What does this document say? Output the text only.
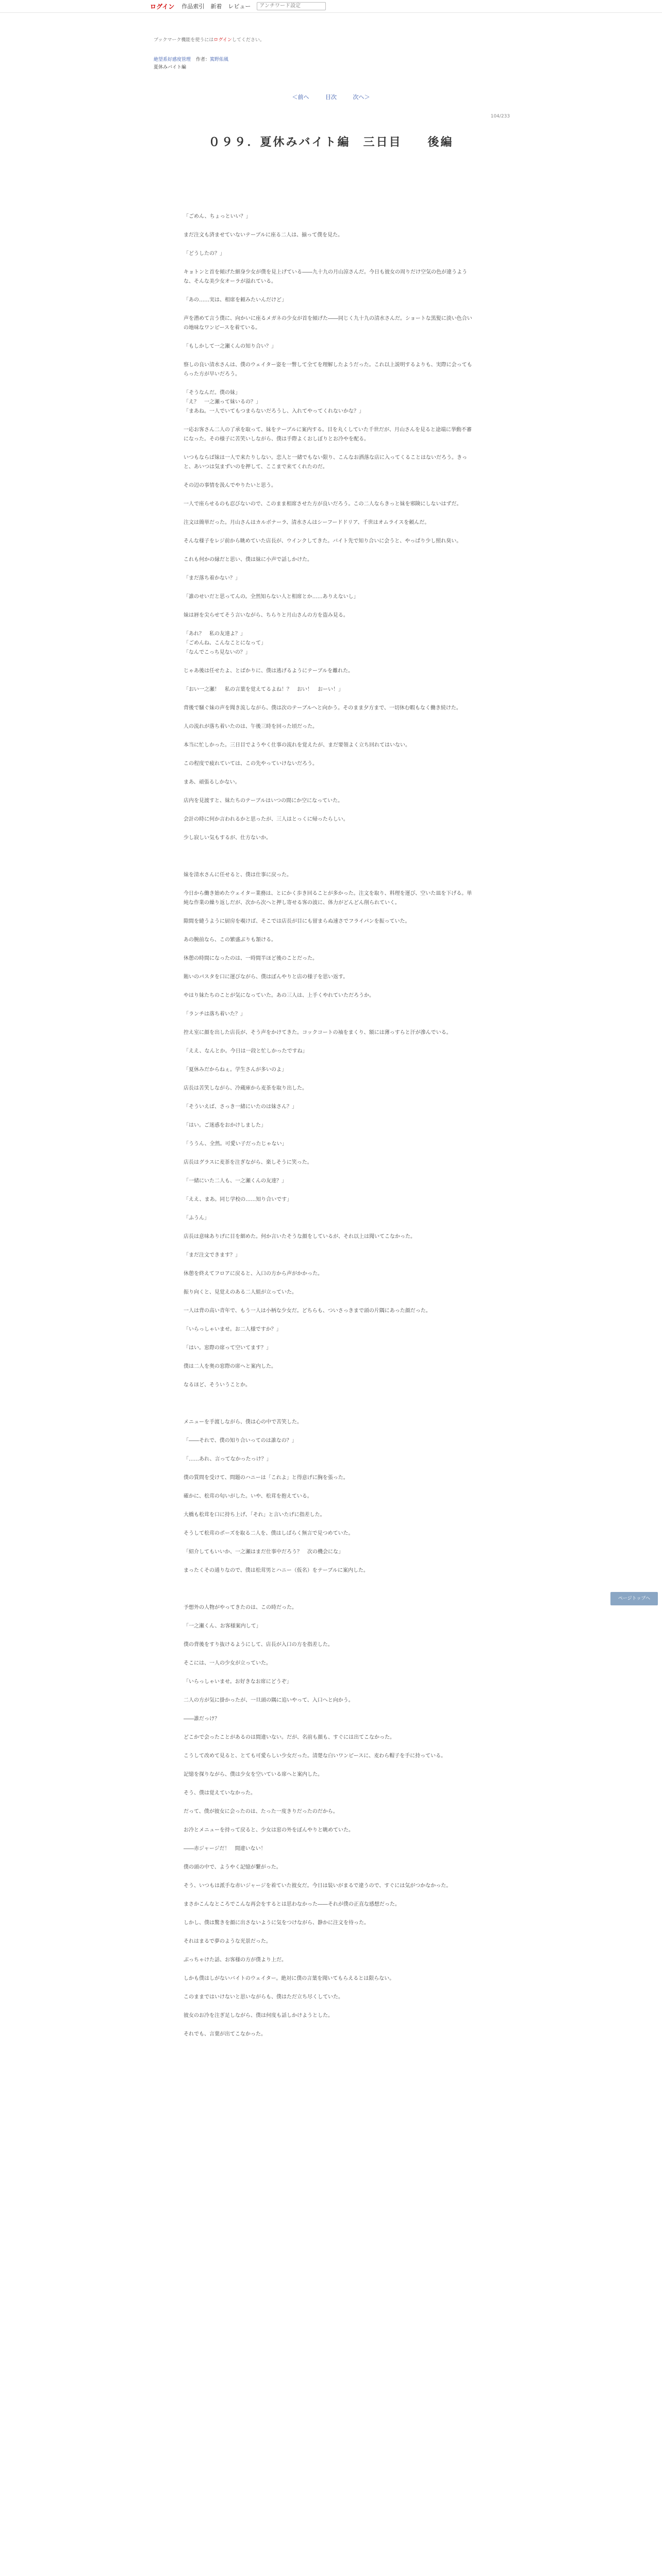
ログイン 作品索引 新着 レビュー
アンチワード設定
ブックマーク機能を使うにはログインしてください。
絶望系好感度管理 作者： 篤野佑風
夏休みバイト編
＜前へ	目次	次へ＞
104/233
０９９．夏休みバイト編　三日目　　後編

「ごめん、ちょっといい？」

まだ注文も済ませていないテーブルに座る二人は、揃って僕を見た。

「どうしたの？」

キョトンと首を傾げた細身少女が僕を見上げている――九十九の月山涼さんだ。今日も彼女の周りだけ空気の色が違うような、そんな美少女オーラが溢れている。

「あの……実は、相席を頼みたいんだけど」

声を潜めて言う僕に、向かいに座るメガネの少女が首を傾げた――同じく九十九の清水さんだ。ショートな黒髪に淡い色合いの地味なワンピースを着ている。

「もしかして一之瀬くんの知り合い？」

察しの良い清水さんは、僕のウェイター姿を一瞥して全てを理解したようだった。これ以上説明するよりも、実際に会ってもらった方が早いだろう。

「そうなんだ。僕の妹」

「え？　一之瀬って妹いるの？」

「まあね。一人でいてもつまらないだろうし、入れてやってくれないかな？」

一応お客さん二人の了承を取って、妹をテーブルに案内する。目を丸くしていた千世だが、月山さんを見ると途端に挙動不審になった。その様子に苦笑いしながら、僕は手際よくおしぼりとお冷やを配る。

いつもならば妹は一人で来たりしない。恋人と一緒でもない限り、こんなお洒落な店に入ってくることはないだろう。きっと、あいつは気まずいのを押して、ここまで来てくれたのだ。

その辺の事情を汲んでやりたいと思う。

一人で座らせるのも忍びないので、このまま相席させた方が良いだろう。この二人ならきっと妹を邪険にしないはずだ。

注文は簡単だった。月山さんはカルボナーラ、清水さんはシーフードドリア、千世はオムライスを頼んだ。

そんな様子をレジ前から眺めていた店長が、ウインクしてきた。バイト先で知り合いに会うと、やっぱり少し照れ臭い。

これも何かの縁だと思い、僕は妹に小声で話しかけた。

「まだ落ち着かない？」

「誰のせいだと思ってんの。全然知らない人と相席とか……ありえないし」

妹は唇を尖らせてそう言いながら、ちらりと月山さんの方を盗み見る。

「あれ？　私の友達よ？」

「ごめんね、こんなことになって」

「なんでこっち見ないの？」

じゃあ後は任せたよ、とばかりに、僕は逃げるようにテーブルを離れた。

「おい一之瀬！　私の言葉を覚えてるよね！？　おい！　おーい！」

背後で騒ぐ妹の声を聞き流しながら、僕は次のテーブルへと向かう。そのまま夕方まで、一切休む暇もなく働き続けた。

人の流れが落ち着いたのは、午後三時を回った頃だった。

本当に忙しかった。三日目でようやく仕事の流れを覚えたが、まだ要領よく立ち回れてはいない。

この程度で疲れていては、この先やっていけないだろう。

まあ、頑張るしかない。

店内を見渡すと、妹たちのテーブルはいつの間にか空になっていた。

会計の時に何か言われるかと思ったが、三人はとっくに帰ったらしい。

少し寂しい気もするが、仕方ないか。

妹を清水さんに任せると、僕は仕事に戻った。

今日から働き始めたウェイター業務は、とにかく歩き回ることが多かった。注文を取り、料理を運び、空いた皿を下げる。単純な作業の繰り返しだが、次から次へと押し寄せる客の波に、体力がどんどん削られていく。

隙間を縫うように厨房を覗けば、そこでは店長が目にも留まらぬ速さでフライパンを振っていた。

あの腕前なら、この繁盛ぶりも頷ける。

休憩の時間になったのは、一時間半ほど後のことだった。

賄いのパスタを口に運びながら、僕はぼんやりと店の様子を思い返す。

やはり妹たちのことが気になっていた。あの三人は、上手くやれていただろうか。

「ランチは落ち着いた？」

控え室に顔を出した店長が、そう声をかけてきた。コックコートの袖をまくり、額には薄っすらと汗が滲んでいる。

「ええ、なんとか。今日は一段と忙しかったですね」

「夏休みだからねぇ。学生さんが多いのよ」

店長は苦笑しながら、冷蔵庫から麦茶を取り出した。

「そういえば、さっき一緒にいたのは妹さん？」

「はい。ご迷惑をおかけしました」

「ううん、全然。可愛い子だったじゃない」

店長はグラスに麦茶を注ぎながら、楽しそうに笑った。

「一緒にいた二人も、一之瀬くんの友達？」

「ええ、まあ。同じ学校の……知り合いです」

「ふうん」

店長は意味ありげに目を細めた。何か言いたそうな顔をしているが、それ以上は聞いてこなかった。

「まだ注文できます？」

休憩を終えてフロアに戻ると、入口の方から声がかかった。

振り向くと、見覚えのある二人組が立っていた。

一人は背の高い青年で、もう一人は小柄な少女だ。どちらも、ついさっきまで頭の片隅にあった顔だった。

「いらっしゃいませ。お二人様ですか？」

「はい。窓際の席って空いてます？」

僕は二人を奥の窓際の席へと案内した。

なるほど、そういうことか。

メニューを手渡しながら、僕は心の中で苦笑した。

「――それで、僕の知り合いってのは誰なの？」

「……あれ、言ってなかったっけ？」

僕の質問を受けて、問題のハニーは「これよ」と得意げに胸を張った。

確かに、松茸の匂いがした。いや、松茸を抱えている。

大橋も松茸を口に持ち上げ、「それ」と言いたげに指差した。

そうして松茸のポーズを取る二人を、僕はしばらく無言で見つめていた。

「紹介してもいいか、一之瀬はまだ仕事中だろう？　次の機会にな」

まったくその通りなので、僕は松茸男とハニー（仮名）をテーブルに案内した。

予想外の人物がやってきたのは、この時だった。

「一之瀬くん、お客様案内して」

僕の背後をすり抜けるようにして、店長が入口の方を指差した。

そこには、一人の少女が立っていた。

「いらっしゃいませ。お好きなお席にどうぞ」

二人の方が気に掛かったが、一旦頭の隅に追いやって、入口へと向かう。

――誰だっけ？

どこかで会ったことがあるのは間違いない。だが、名前も顔も、すぐには出てこなかった。

こうして改めて見ると、とても可愛らしい少女だった。清楚な白いワンピースに、麦わら帽子を手に持っている。

記憶を探りながら、僕は少女を空いている席へと案内した。

そう、僕は覚えていなかった。

だって、僕が彼女に会ったのは、たった一度きりだったのだから。

お冷とメニューを持って戻ると、少女は窓の外をぼんやりと眺めていた。

――赤ジャージだ！　間違いない！

僕の頭の中で、ようやく記憶が繋がった。

そう、いつもは派手な赤いジャージを着ていた彼女だ。今日は装いがまるで違うので、すぐには気がつかなかった。

まさかこんなところでこんな再会をするとは思わなかった――それが僕の正直な感想だった。

しかし、僕は驚きを顔に出さないように気をつけながら、静かに注文を待った。

それはまるで夢のような光景だった。

ぶっちゃけた話、お客様の方が僕より上だ。

しかも僕はしがないバイトのウェイター。絶対に僕の言葉を聞いてもらえるとは限らない。

このままではいけないと思いながらも、僕はただ立ち尽くしていた。

彼女のお冷を注ぎ足しながら、僕は何度も話しかけようとした。

それでも、言葉が出てこなかった。

ページトップへ
